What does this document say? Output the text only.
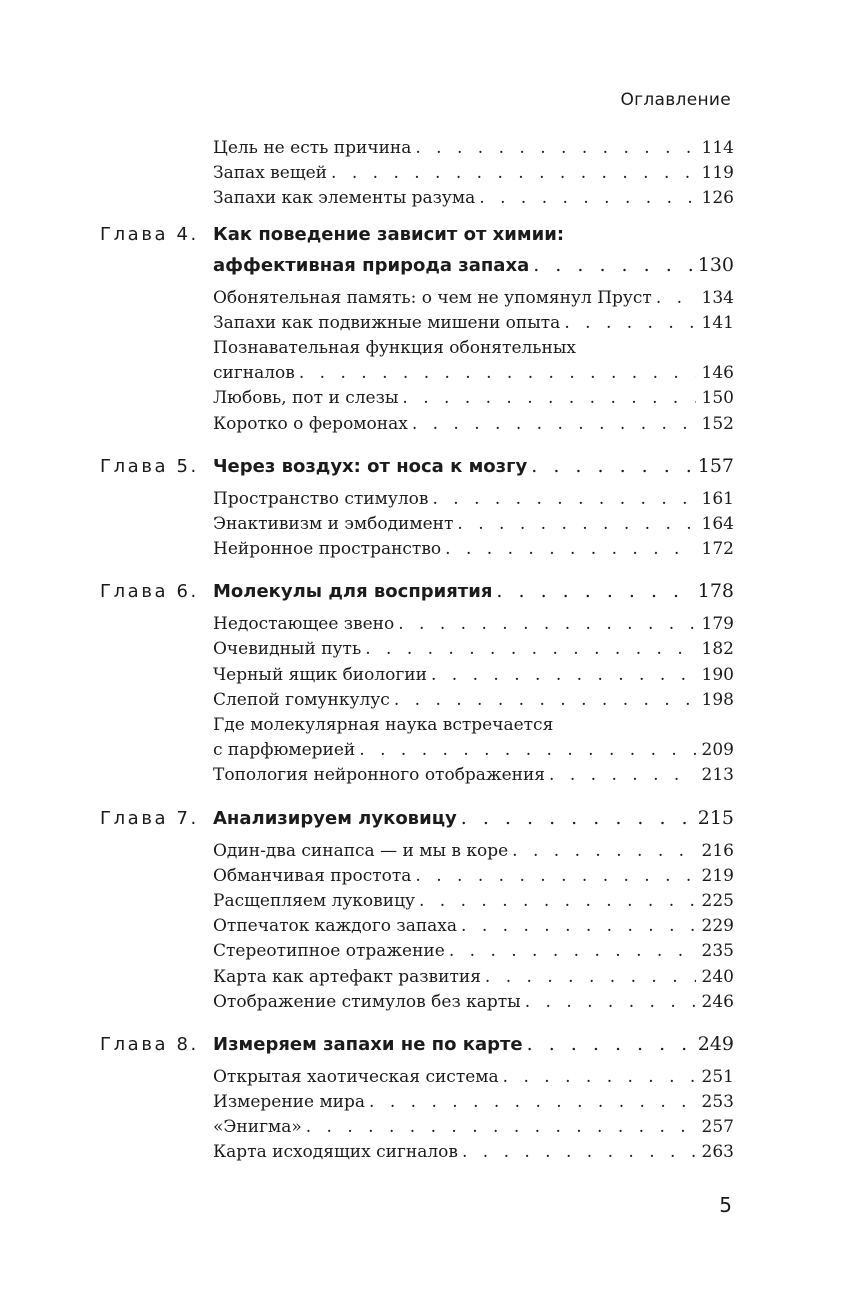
Оглавление
Цель не есть причина . . .	114
Запах вещей . . .	119
Запахи как элементы разума . . .	126
Глава 4. Как поведение зависит от химии:
аффективная природа запаха . . .	130
Обонятельная память: о чем не упомянул Пруст . . .	134
Запахи как подвижные мишени опыта . . .	141
Познавательная функция обонятельных
сигналов . . .	146
Любовь, пот и слезы . . .	150
Коротко о феромонах . . .	152
Глава 5. Через воздух: от носа к мозгу . . .	157
Пространство стимулов . . .	161
Энактивизм и эмбодимент . . .	164
Нейронное пространство . . .	172
Глава 6. Молекулы для восприятия . . .	178
Недостающее звено . . .	179
Очевидный путь . . .	182
Черный ящик биологии . . .	190
Слепой гомункулус . . .	198
Где молекулярная наука встречается
с парфюмерией . . .	209
Топология нейронного отображения . . .	213
Глава 7. Анализируем луковицу . . .	215
Один-два синапса — и мы в коре . . .	216
Обманчивая простота . . .	219
Расщепляем луковицу . . .	225
Отпечаток каждого запаха . . .	229
Стереотипное отражение . . .	235
Карта как артефакт развития . . .	240
Отображение стимулов без карты . . .	246
Глава 8. Измеряем запахи не по карте . . .	249
Открытая хаотическая система . . .	251
Измерение мира . . .	253
«Энигма» . . .	257
Карта исходящих сигналов . . .	263
5
